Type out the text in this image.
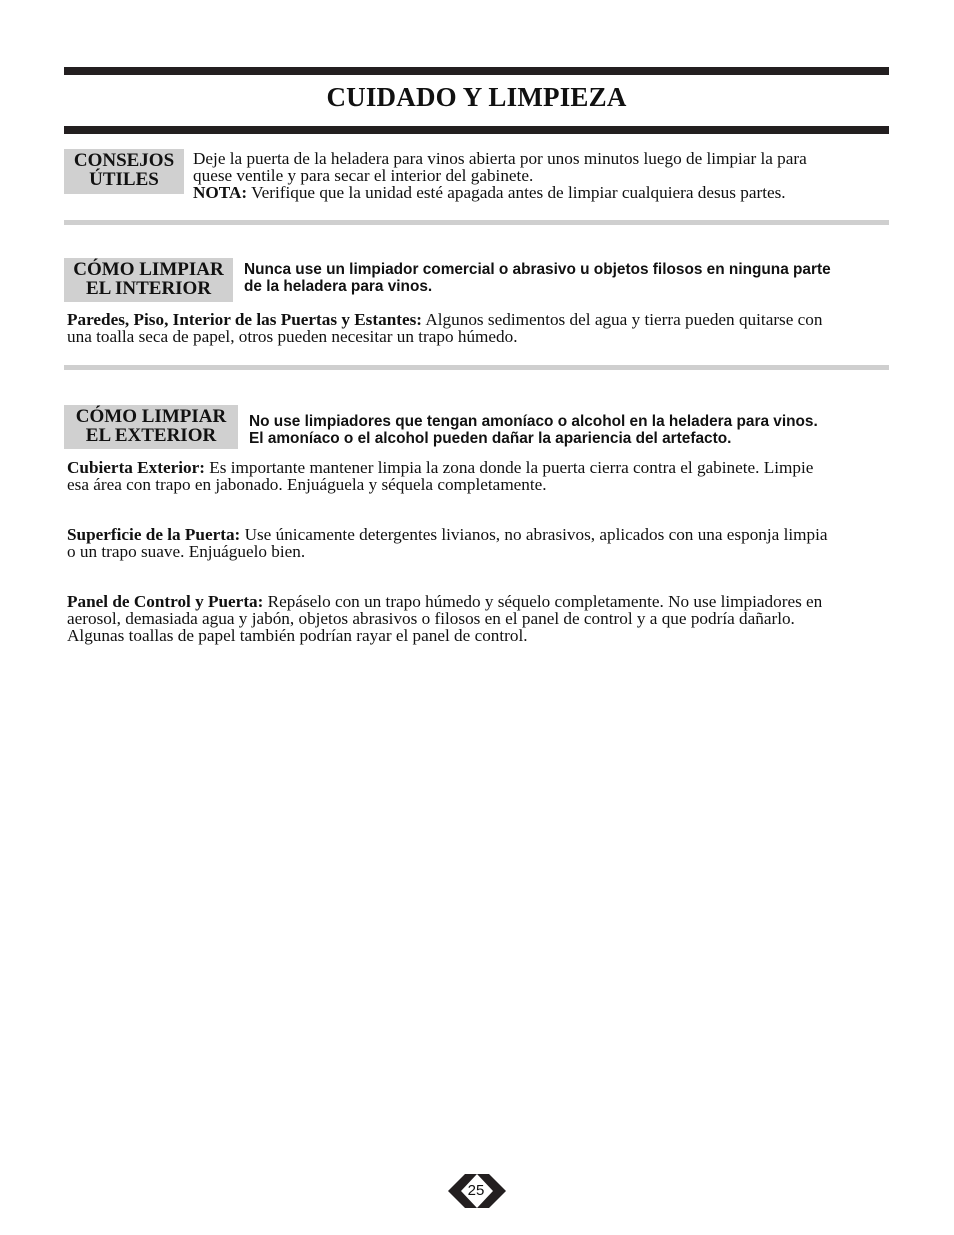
CUIDADO Y LIMPIEZA
CONSEJOS
ÚTILES
Deje la puerta de la heladera para vinos abierta por unos minutos luego de limpiar la para
quese ventile y para secar el interior del gabinete.
NOTA: Verifique que la unidad esté apagada antes de limpiar cualquiera desus partes.
CÓMO LIMPIAR
EL INTERIOR
Nunca use un limpiador comercial o abrasivo u objetos filosos en ninguna parte
de la heladera para vinos.
Paredes, Piso, Interior de las Puertas y Estantes: Algunos sedimentos del agua y tierra pueden quitarse con
una toalla seca de papel, otros pueden necesitar un trapo húmedo.
CÓMO LIMPIAR
EL EXTERIOR
No use limpiadores que tengan amoníaco o alcohol en la heladera para vinos.
El amoníaco o el alcohol pueden dañar la apariencia del artefacto.
Cubierta Exterior: Es importante mantener limpia la zona donde la puerta cierra contra el gabinete. Limpie
esa área con trapo en jabonado. Enjuáguela y séquela completamente.
Superficie de la Puerta: Use únicamente detergentes livianos, no abrasivos, aplicados con una esponja limpia
o un trapo suave. Enjuáguelo bien.
Panel de Control y Puerta: Repáselo con un trapo húmedo y séquelo completamente. No use limpiadores en
aerosol, demasiada agua y jabón, objetos abrasivos o filosos en el panel de control y a que podría dañarlo.
Algunas toallas de papel también podrían rayar el panel de control.
25
